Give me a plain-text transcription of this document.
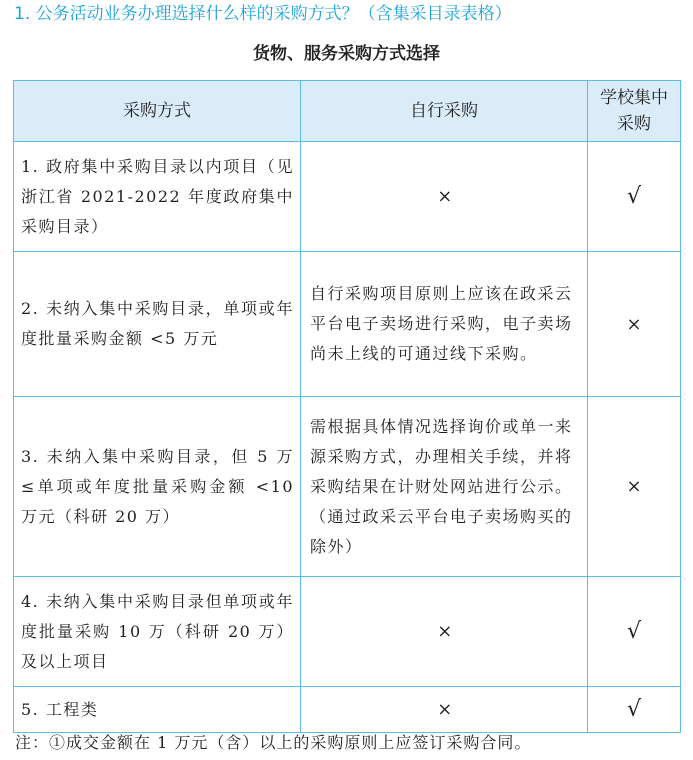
1. 公务活动业务办理选择什么样的采购方式？（含集采目录表格）
货物、服务采购方式选择
采购方式	自行采购	学校集中采购
1. 政府集中采购目录以内项目（见浙江省 2021-2022 年度政府集中采购目录）	×	√
2. 未纳入集中采购目录，单项或年度批量采购金额 <5 万元	自行采购项目原则上应该在政采云平台电子卖场进行采购，电子卖场尚未上线的可通过线下采购。	×
3. 未纳入集中采购目录，但 5 万≤单项或年度批量采购金额 <10 万元（科研 20 万）	需根据具体情况选择询价或单一来源采购方式，办理相关手续，并将采购结果在计财处网站进行公示。（通过政采云平台电子卖场购买的除外）	×
4. 未纳入集中采购目录但单项或年度批量采购 10 万（科研 20 万）及以上项目	×	√
5. 工程类	×	√
注：①成交金额在 1 万元（含）以上的采购原则上应签订采购合同。
